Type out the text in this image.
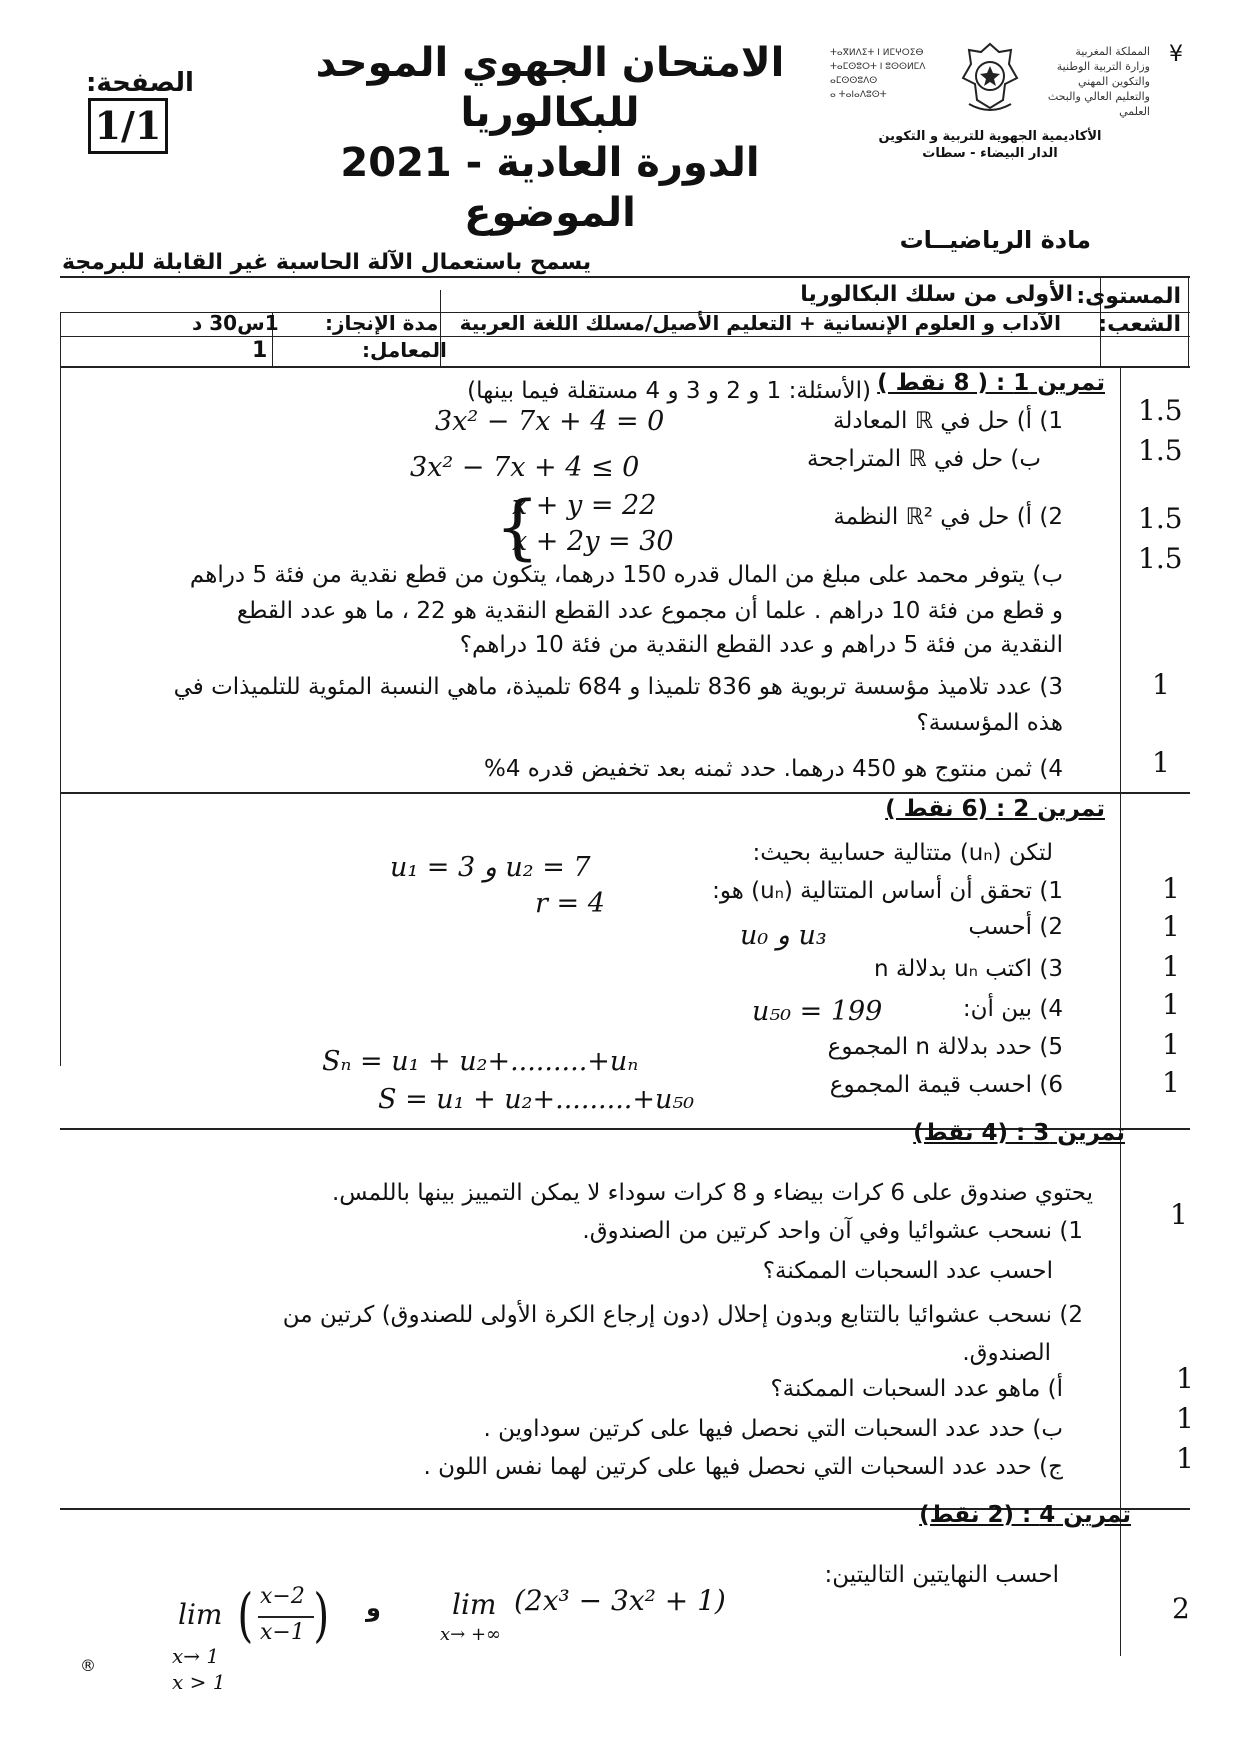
¥
ⵜⴰⴳⵍⴷⵉⵜ ⵏ ⵍⵎⵖⵔⵉⴱ
ⵜⴰⵎⵙⵓⵔⵜ ⵏ ⵓⵙⵙⵍⵎⴷ
ⴰⵎⵙⵙⵓⴷⵙ
ⴰ ⵜⴰⵏⴰⴷⵓⵙⵜ
المملكة المغربية
وزارة التربية الوطنية
والتكوين المهني
والتعليم العالي والبحث العلمي
الأكاديمية الجهوية للتربية و التكوين
الدار البيضاء - سطات
الامتحان الجهوي الموحد للبكالوريا
الدورة العادية - 2021
الموضوع
الصفحة:
1/1
مادة الرياضيــات
يسمح باستعمال الآلة الحاسبة غير القابلة للبرمجة
المستوى:
الأولى من سلك البكالوريا
الشعب:
الآداب و العلوم الإنسانية + التعليم الأصيل/مسلك اللغة العربية
مدة الإنجاز:
1س30 د
المعامل:
1
تمرين 1 : ( 8 نقط )
(الأسئلة: 1 و 2 و 3 و 4 مستقلة فيما بينها)
1) أ) حل في ℝ المعادلة
3x² − 7x + 4 = 0
ب) حل في ℝ المتراجحة
3x² − 7x + 4 ≤ 0
2) أ) حل في ℝ² النظمة
{
x + y = 22
x + 2y = 30
ب) يتوفر محمد على مبلغ من المال قدره 150 درهما، يتكون من قطع نقدية من فئة 5 دراهم
و قطع من فئة 10 دراهم . علما أن مجموع عدد القطع النقدية هو 22 ، ما هو عدد القطع
النقدية من فئة 5 دراهم و عدد القطع النقدية من فئة 10 دراهم؟
3) عدد تلاميذ مؤسسة تربوية هو 836 تلميذا و 684 تلميذة، ماهي النسبة المئوية للتلميذات في
هذه المؤسسة؟
4) ثمن منتوج هو 450 درهما. حدد ثمنه بعد تخفيض قدره 4%
1.5
1.5
1.5
1.5
1
1
تمرين 2 : (6 نقط )
لتكن (uₙ) متتالية حسابية بحيث:
u₂ = 7 و u₁ = 3
1) تحقق أن أساس المتتالية (uₙ) هو:
r = 4
2) أحسب
u₃ و u₀
3) اكتب uₙ بدلالة n
4) بين أن:
u₅₀ = 199
5) حدد بدلالة n المجموع
Sₙ = u₁ + u₂+.........+uₙ
6) احسب قيمة المجموع
S = u₁ + u₂+.........+u₅₀
1
1
1
1
1
1
تمرين 3 : (4 نقط)
يحتوي صندوق على 6 كرات بيضاء و 8 كرات سوداء لا يمكن التمييز بينها باللمس.
1) نسحب عشوائيا وفي آن واحد كرتين من الصندوق.
احسب عدد السحبات الممكنة؟
2) نسحب عشوائيا بالتتابع وبدون إحلال (دون إرجاع الكرة الأولى للصندوق) كرتين من
الصندوق.
أ) ماهو عدد السحبات الممكنة؟
ب) حدد عدد السحبات التي نحصل فيها على كرتين سوداوين .
ج) حدد عدد السحبات التي نحصل فيها على كرتين لهما نفس اللون .
1
1
1
1
تمرين 4 : (2 نقط)
احسب النهايتين التاليتين:
lim (2x³ − 3x² + 1)
x→ +∞
و
lim ( x−2
x−1 )
x→ 1
x > 1
2
®
